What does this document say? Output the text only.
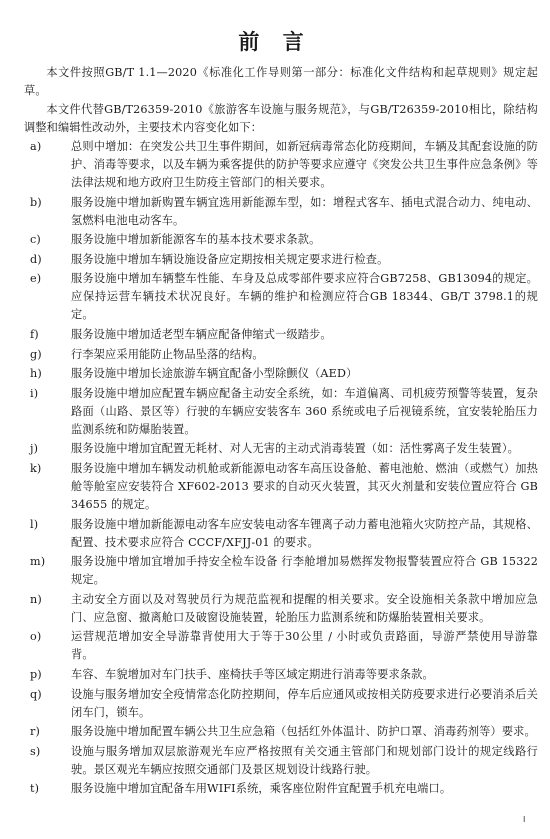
前 言

本文件按照GB/T 1.1—2020《标准化工作导则第一部分：标准化文件结构和起草规则》规定起草。

本文件代替GB/T26359-2010《旅游客车设施与服务规范》，与GB/T26359-2010相比，除结构调整和编辑性改动外，主要技术内容变化如下：

a)	总则中增加：在突发公共卫生事件期间，如新冠病毒常态化防疫期间，车辆及其配套设施的防护、消毒等要求，以及车辆为乘客提供的防护等要求应遵守《突发公共卫生事件应急条例》等法律法规和地方政府卫生防疫主管部门的相关要求。
b)	服务设施中增加新购置车辆宜选用新能源车型，如：增程式客车、插电式混合动力、纯电动、氢燃料电池电动客车。
c)	服务设施中增加新能源客车的基本技术要求条款。
d)	服务设施中增加车辆设施设备应定期按相关规定要求进行检查。
e)	服务设施中增加车辆整车性能、车身及总成零部件要求应符合GB7258、GB13094的规定。应保持运营车辆技术状况良好。车辆的维护和检测应符合GB 18344、GB/T 3798.1的规定。
f)	服务设施中增加适老型车辆应配备伸缩式一级踏步。
g)	行李架应采用能防止物品坠落的结构。
h)	服务设施中增加长途旅游车辆宜配备小型除颤仪（AED）
i)	服务设施中增加应配置车辆应配备主动安全系统，如：车道偏离、司机疲劳预警等装置，复杂路面（山路、景区等）行驶的车辆应安装客车 360 系统或电子后视镜系统，宜安装轮胎压力监测系统和防爆胎装置。
j)	服务设施中增加宜配置无耗材、对人无害的主动式消毒装置（如：活性雾离子发生装置）。
k)	服务设施中增加车辆发动机舱或新能源电动客车高压设备舱、蓄电池舱、燃油（或燃气）加热舱等舱室应安装符合 XF602-2013 要求的自动灭火装置，其灭火剂量和安装位置应符合 GB 34655 的规定。
l)	服务设施中增加新能源电动客车应安装电动客车锂离子动力蓄电池箱火灾防控产品，其规格、配置、技术要求应符合 CCCF/XFJJ-01 的要求。
m)	服务设施中增加宜增加手持安全检车设备 行李舱增加易燃挥发物报警装置应符合 GB 15322 规定。
n)	主动安全方面以及对驾驶员行为规范监视和提醒的相关要求。安全设施相关条款中增加应急门、应急窗、撤离舱口及破窗设施装置，轮胎压力监测系统和防爆胎装置相关要求。
o)	运营规范增加安全导游靠背使用大于等于30公里 / 小时或负责路面，导游严禁使用导游靠背。
p)	车容、车貌增加对车门扶手、座椅扶手等区域定期进行消毒等要求条款。
q)	设施与服务增加安全疫情常态化防控期间，停车后应通风或按相关防疫要求进行必要消杀后关闭车门，锁车。
r)	服务设施中增加配置车辆公共卫生应急箱（包括红外体温计、防护口罩、消毒药剂等）要求。
s)	设施与服务增加双层旅游观光车应严格按照有关交通主管部门和规划部门设计的规定线路行驶。景区观光车辆应按照交通部门及景区规划设计线路行驶。
t)	服务设施中增加宜配备车用WIFI系统，乘客座位附件宜配置手机充电端口。
I
